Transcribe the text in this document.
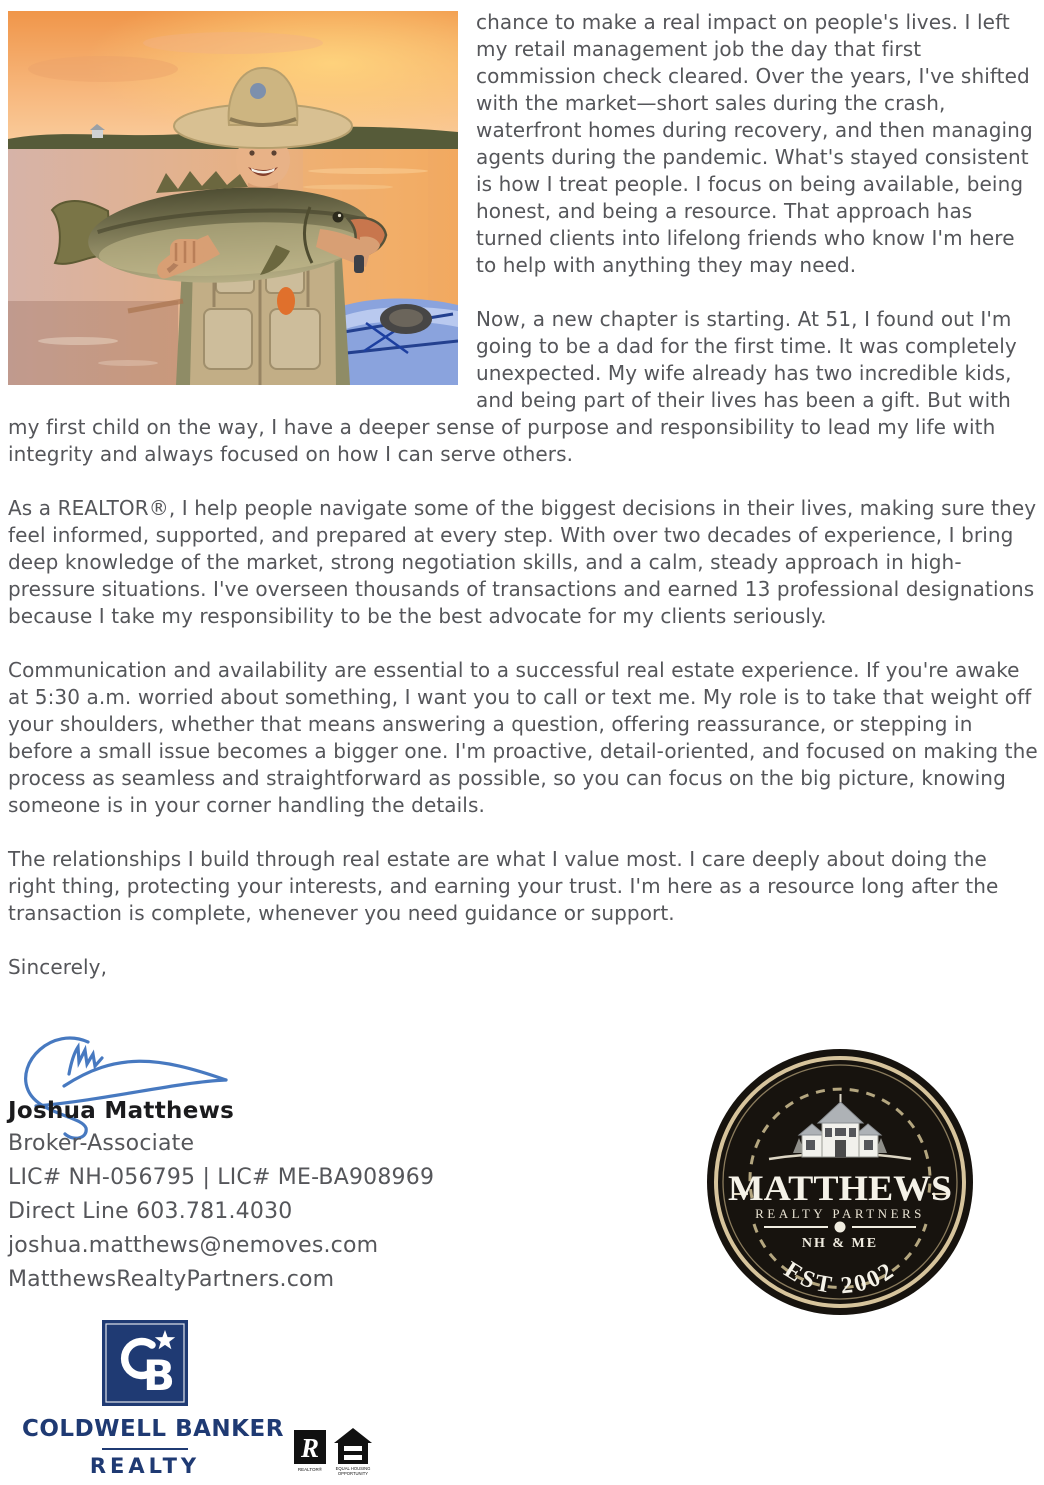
chance to make a real impact on people's lives. I left my retail management job the day that first commission check cleared. Over the years, I've shifted with the market—short sales during the crash, waterfront homes during recovery, and then managing agents during the pandemic. What's stayed consistent is how I treat people. I focus on being available, being honest, and being a resource. That approach has turned clients into lifelong friends who know I'm here to help with anything they may need.

Now, a new chapter is starting. At 51, I found out I'm going to be a dad for the first time. It was completely unexpected. My wife already has two incredible kids, and being part of their lives has been a gift. But with my first child on the way, I have a deeper sense of purpose and responsibility to lead my life with integrity and always focused on how I can serve others.

As a REALTOR®, I help people navigate some of the biggest decisions in their lives, making sure they feel informed, supported, and prepared at every step. With over two decades of experience, I bring deep knowledge of the market, strong negotiation skills, and a calm, steady approach in high-pressure situations. I've overseen thousands of transactions and earned 13 professional designations because I take my responsibility to be the best advocate for my clients seriously.

Communication and availability are essential to a successful real estate experience. If you're awake at 5:30 a.m. worried about something, I want you to call or text me. My role is to take that weight off your shoulders, whether that means answering a question, offering reassurance, or stepping in before a small issue becomes a bigger one. I'm proactive, detail-oriented, and focused on making the process as seamless and straightforward as possible, so you can focus on the big picture, knowing someone is in your corner handling the details.

The relationships I build through real estate are what I value most. I care deeply about doing the right thing, protecting your interests, and earning your trust. I'm here as a resource long after the transaction is complete, whenever you need guidance or support.

Sincerely,

Joshua Matthews

Broker-Associate

LIC# NH-056795 | LIC# ME-BA908969

Direct Line 603.781.4030

joshua.matthews@nemoves.com

MatthewsRealtyPartners.com

MATTHEWS
REALTY PARTNERS
NH & ME
EST 2002
B
COLDWELL BANKER
REALTY
R
REALTOR®	EQUAL HOUSING
OPPORTUNITY
